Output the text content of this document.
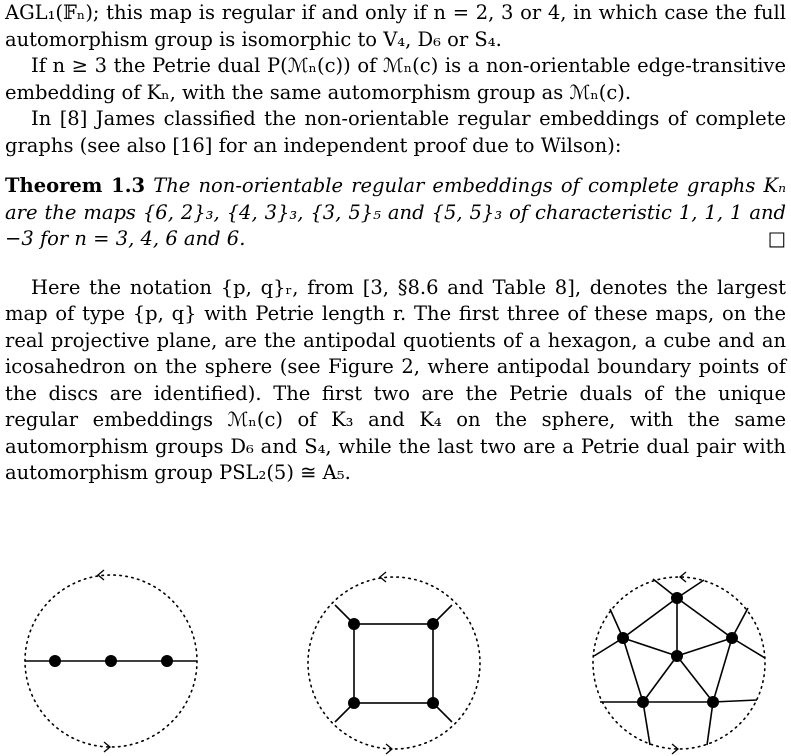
AGL₁(𝔽ₙ); this map is regular if and only if n = 2, 3 or 4, in which case the full automorphism group is isomorphic to V₄, D₆ or S₄.

If n ≥ 3 the Petrie dual P(ℳₙ(c)) of ℳₙ(c) is a non-orientable edge-transitive embedding of Kₙ, with the same automorphism group as ℳₙ(c).

In [8] James classified the non-orientable regular embeddings of complete graphs (see also [16] for an independent proof due to Wilson):

Theorem 1.3 The non-orientable regular embeddings of complete graphs Kₙ are the maps {6, 2}₃, {4, 3}₃, {3, 5}₅ and {5, 5}₃ of characteristic 1, 1, 1 and −3 for n = 3, 4, 6 and 6.	□

Here the notation {p, q}ᵣ, from [3, §8.6 and Table 8], denotes the largest map of type {p, q} with Petrie length r. The first three of these maps, on the real projective plane, are the antipodal quotients of a hexagon, a cube and an icosahedron on the sphere (see Figure 2, where antipodal boundary points of the discs are identified). The first two are the Petrie duals of the unique regular embeddings ℳₙ(c) of K₃ and K₄ on the sphere, with the same automorphism groups D₆ and S₄, while the last two are a Petrie dual pair with automorphism group PSL₂(5) ≅ A₅.
